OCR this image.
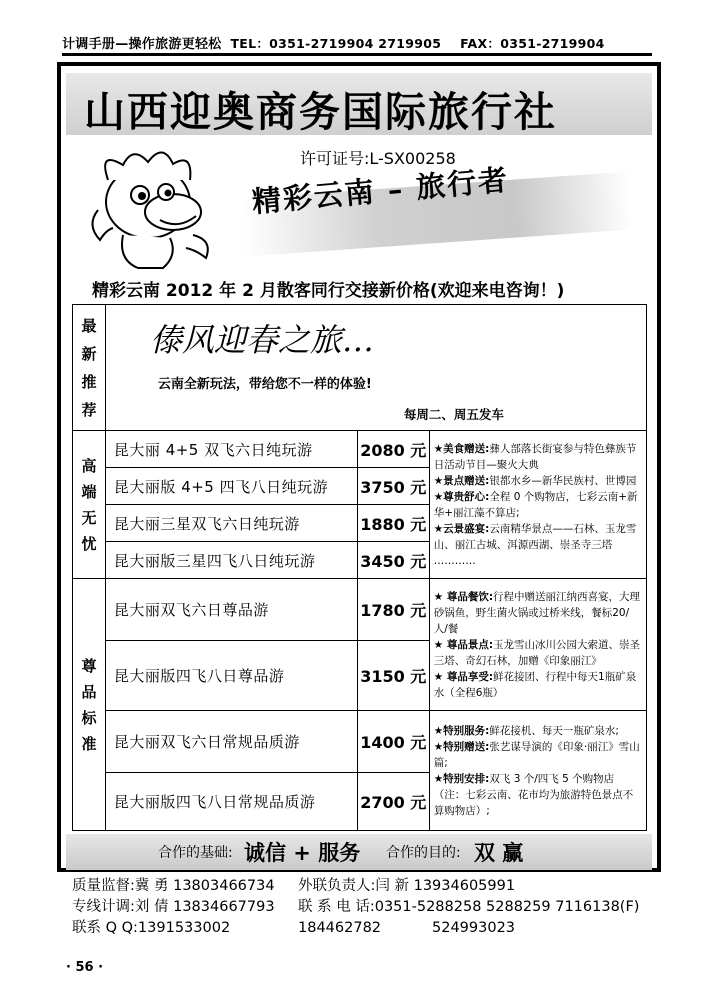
计调手册—操作旅游更轻松 TEL：0351-2719904 2719905 FAX：0351-2719904
山西迎奥商务国际旅行社
许可证号:L-SX00258
精彩云南 – 旅行者
精彩云南 2012 年 2 月散客同行交接新价格(欢迎来电咨询！)
最新推荐	傣风迎春之旅…
云南全新玩法，带给您不一样的体验!
每周二、周五发车		

高端无忧	昆大丽 4+5 双飞六日纯玩游	2080 元	★美食赠送:彝人部落长街宴参与特色彝族节日活动节目—聚火大典
★景点赠送:银都水乡—新华民族村、世博园
★尊贵舒心:全程 0 个购物店，七彩云南+新华+丽江藻不算店;
★云景盛宴:云南精华景点——石林、玉龙雪山、丽江古城、洱源西湖、崇圣寺三塔 …………

	昆大丽版 4+5 四飞八日纯玩游	3750 元	
	昆大丽三星双飞六日纯玩游	1880 元	
	昆大丽版三星四飞八日纯玩游	3450 元	

尊品标准	昆大丽双飞六日尊品游	1780 元	★ 尊品餐饮:行程中赠送丽江纳西喜宴，大理砂锅鱼，野生菌火锅或过桥米线，餐标20/人/餐
★ 尊品景点:玉龙雪山冰川公园大索道、崇圣三塔、奇幻石林，加赠《印象丽江》
★ 尊品享受:鲜花接团、行程中每天1瓶矿泉水（全程6瓶）

	昆大丽版四飞八日尊品游	3150 元	
	昆大丽双飞六日常规品质游	1400 元	★特别服务:鲜花接机、每天一瓶矿泉水;
★特别赠送:张艺谋导演的《印象·丽江》雪山篇;
★特别安排:双飞 3 个/四飞 5 个购物店（注：七彩云南、花市均为旅游特色景点不算购物店）;

	昆大丽版四飞八日常规品质游	2700 元	
合作的基础: 诚信 + 服务 合作的目的: 双 赢
质量监督:冀 勇 13803466734
专线计调:刘 倩 13834667793
联系 Q Q:1391533002
外联负责人:闫 新 13934605991
联 系 电 话:0351-5288258 5288259 7116138(F)
184462782	524993023
· 56 ·
